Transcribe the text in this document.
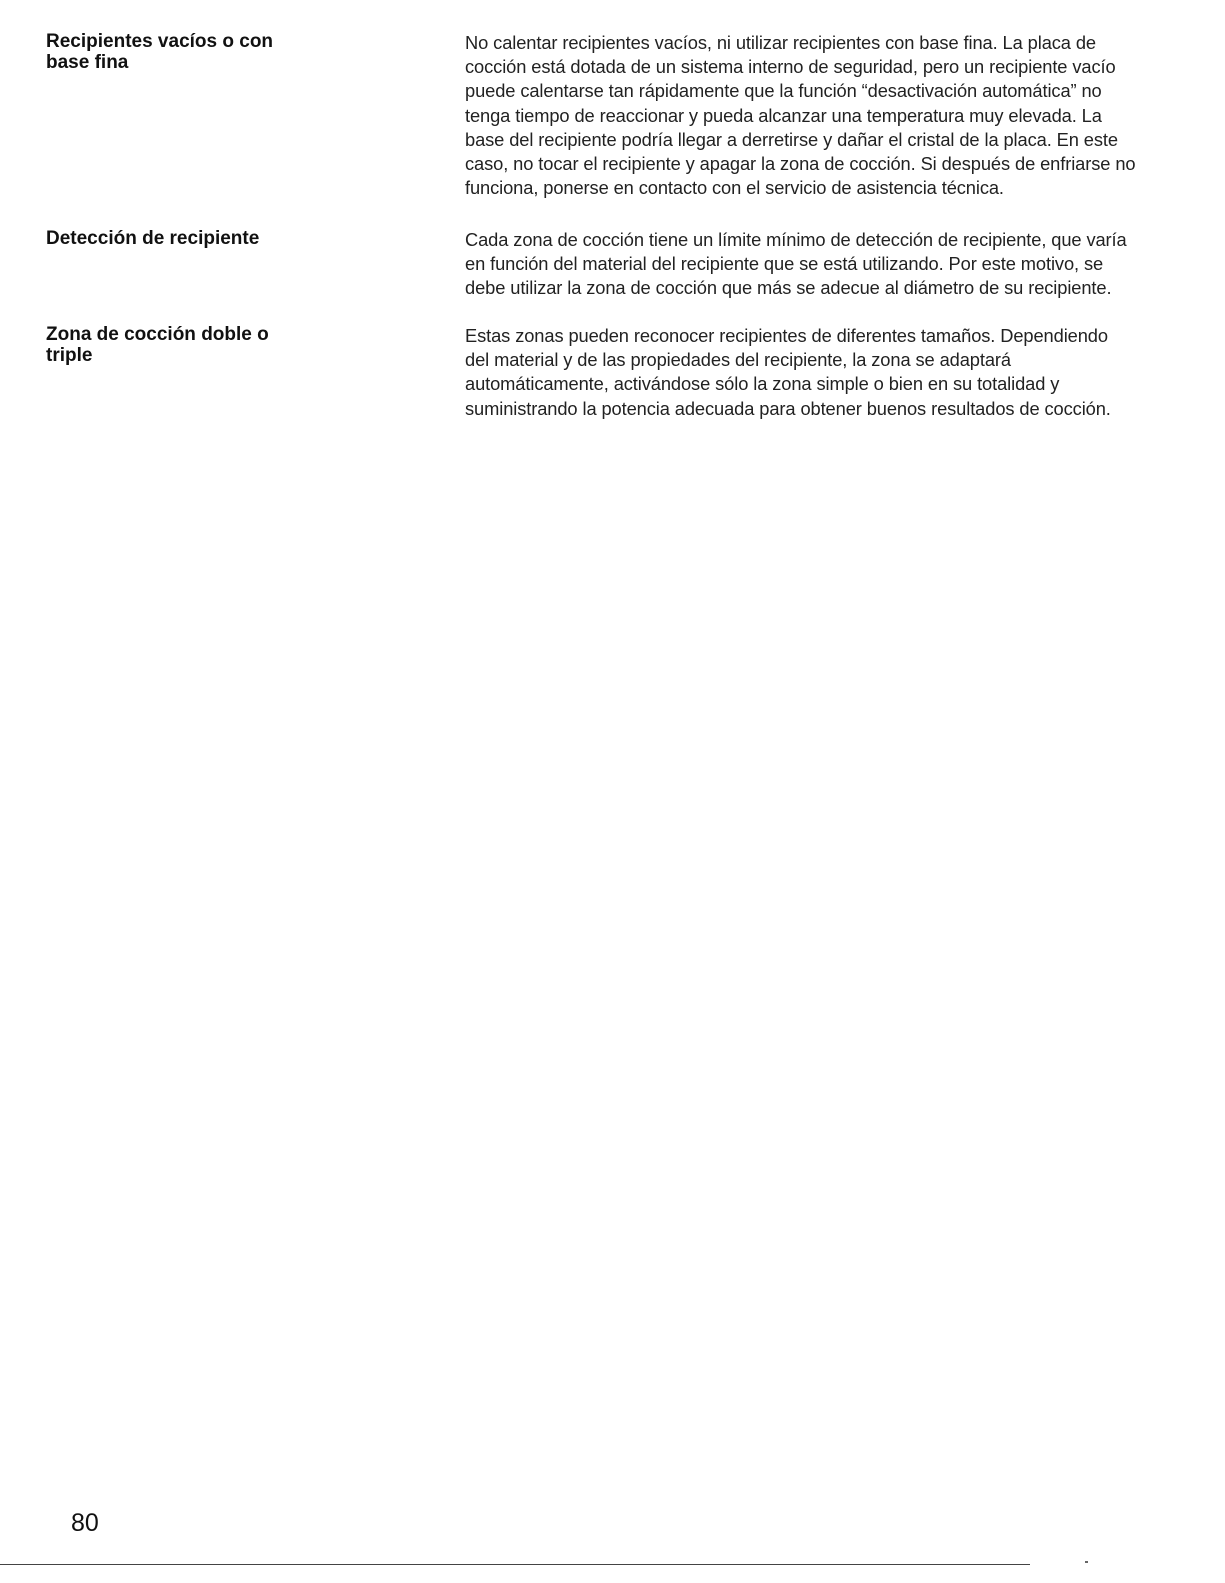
Recipientes vacíos o con
base fina

No calentar recipientes vacíos, ni utilizar recipientes con base fina. La placa de
cocción está dotada de un sistema interno de seguridad, pero un recipiente vacío
puede calentarse tan rápidamente que la función “desactivación automática” no
tenga tiempo de reaccionar y pueda alcanzar una temperatura muy elevada. La
base del recipiente podría llegar a derretirse y dañar el cristal de la placa. En este
caso, no tocar el recipiente y apagar la zona de cocción. Si después de enfriarse no
funciona, ponerse en contacto con el servicio de asistencia técnica.

Detección de recipiente	Cada zona de cocción tiene un límite mínimo de detección de recipiente, que varía
en función del material del recipiente que se está utilizando. Por este motivo, se
debe utilizar la zona de cocción que más se adecue al diámetro de su recipiente.

Zona de cocción doble o
triple

Estas zonas pueden reconocer recipientes de diferentes tamaños. Dependiendo
del material y de las propiedades del recipiente, la zona se adaptará
automáticamente, activándose sólo la zona simple o bien en su totalidad y
suministrando la potencia adecuada para obtener buenos resultados de cocción.

80
